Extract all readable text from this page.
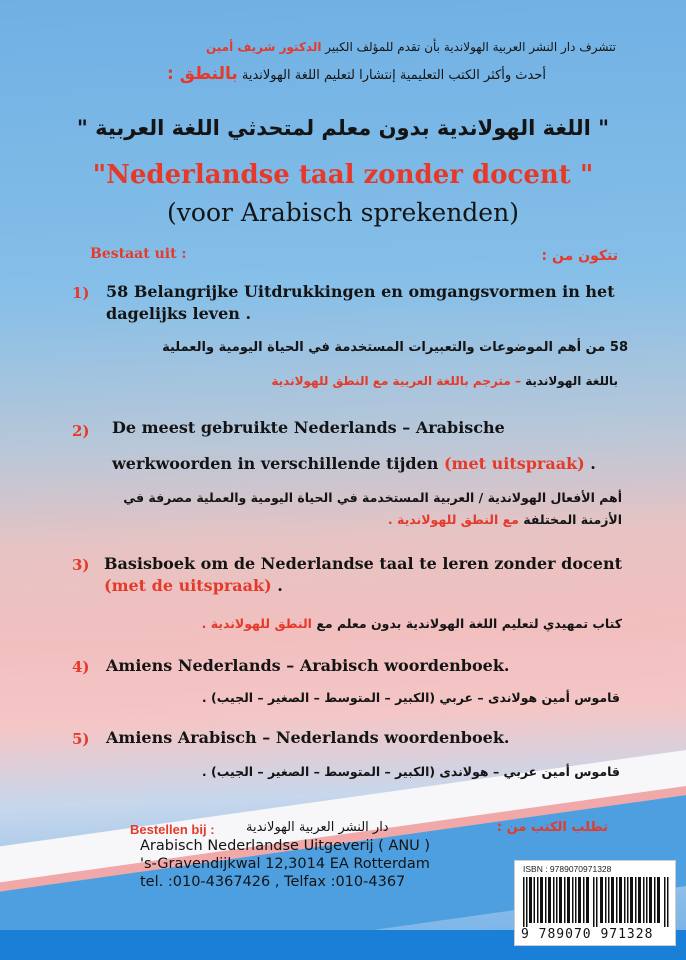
تتشرف دار النشر العربية الهولاندية بأن تقدم للمؤلف الكبير الدكتور شريف أمين

أحدث وأكثر الكتب التعليمية إنتشارا لتعليم اللغة الهولاندية بالنطق :

" اللغة الهولاندية بدون معلم لمتحدثي اللغة العربية "

"Nederlandse taal zonder docent "

(voor Arabisch sprekenden)

Bestaat uit :	تتكون من :

1) 58 Belangrijke Uitdrukkingen en omgangsvormen in het

dagelijks leven .

58 من أهم الموضوعات والتعبيرات المستخدمة في الحياة اليومية والعملية

باللغة الهولاندية – مترجم باللغة العربية مع النطق للهولاندية

2) De meest gebruikte Nederlands – Arabische

werkwoorden in verschillende tijden (met uitspraak) .

أهم الأفعال الهولاندية / العربية المستخدمة في الحياة اليومية والعملية مصرفة في

الأزمنة المختلفة مع النطق للهولاندية .

3) Basisboek om de Nederlandse taal te leren zonder docent

(met de uitspraak) .

كتاب تمهيدي لتعليم اللغة الهولاندية بدون معلم مع النطق للهولاندية .

4) Amiens Nederlands – Arabisch woordenboek.

قاموس أمين هولاندى – عربي (الكبير – المتوسط – الصغير – الجيب) .

5) Amiens Arabisch – Nederlands woordenboek.

قاموس أمين عربي – هولاندى (الكبير – المتوسط – الصغير – الجيب) .

Bestellen bij : دار النشر العربية الهولاندية	تطلب الكتب من :

Arabisch Nederlandse Uitgeverij ( ANU )

's-Gravendijkwal 12,3014 EA Rotterdam

tel. :010-4367426 , Telfax :010-4367

ISBN : 9789070971328
9 789070 971328
